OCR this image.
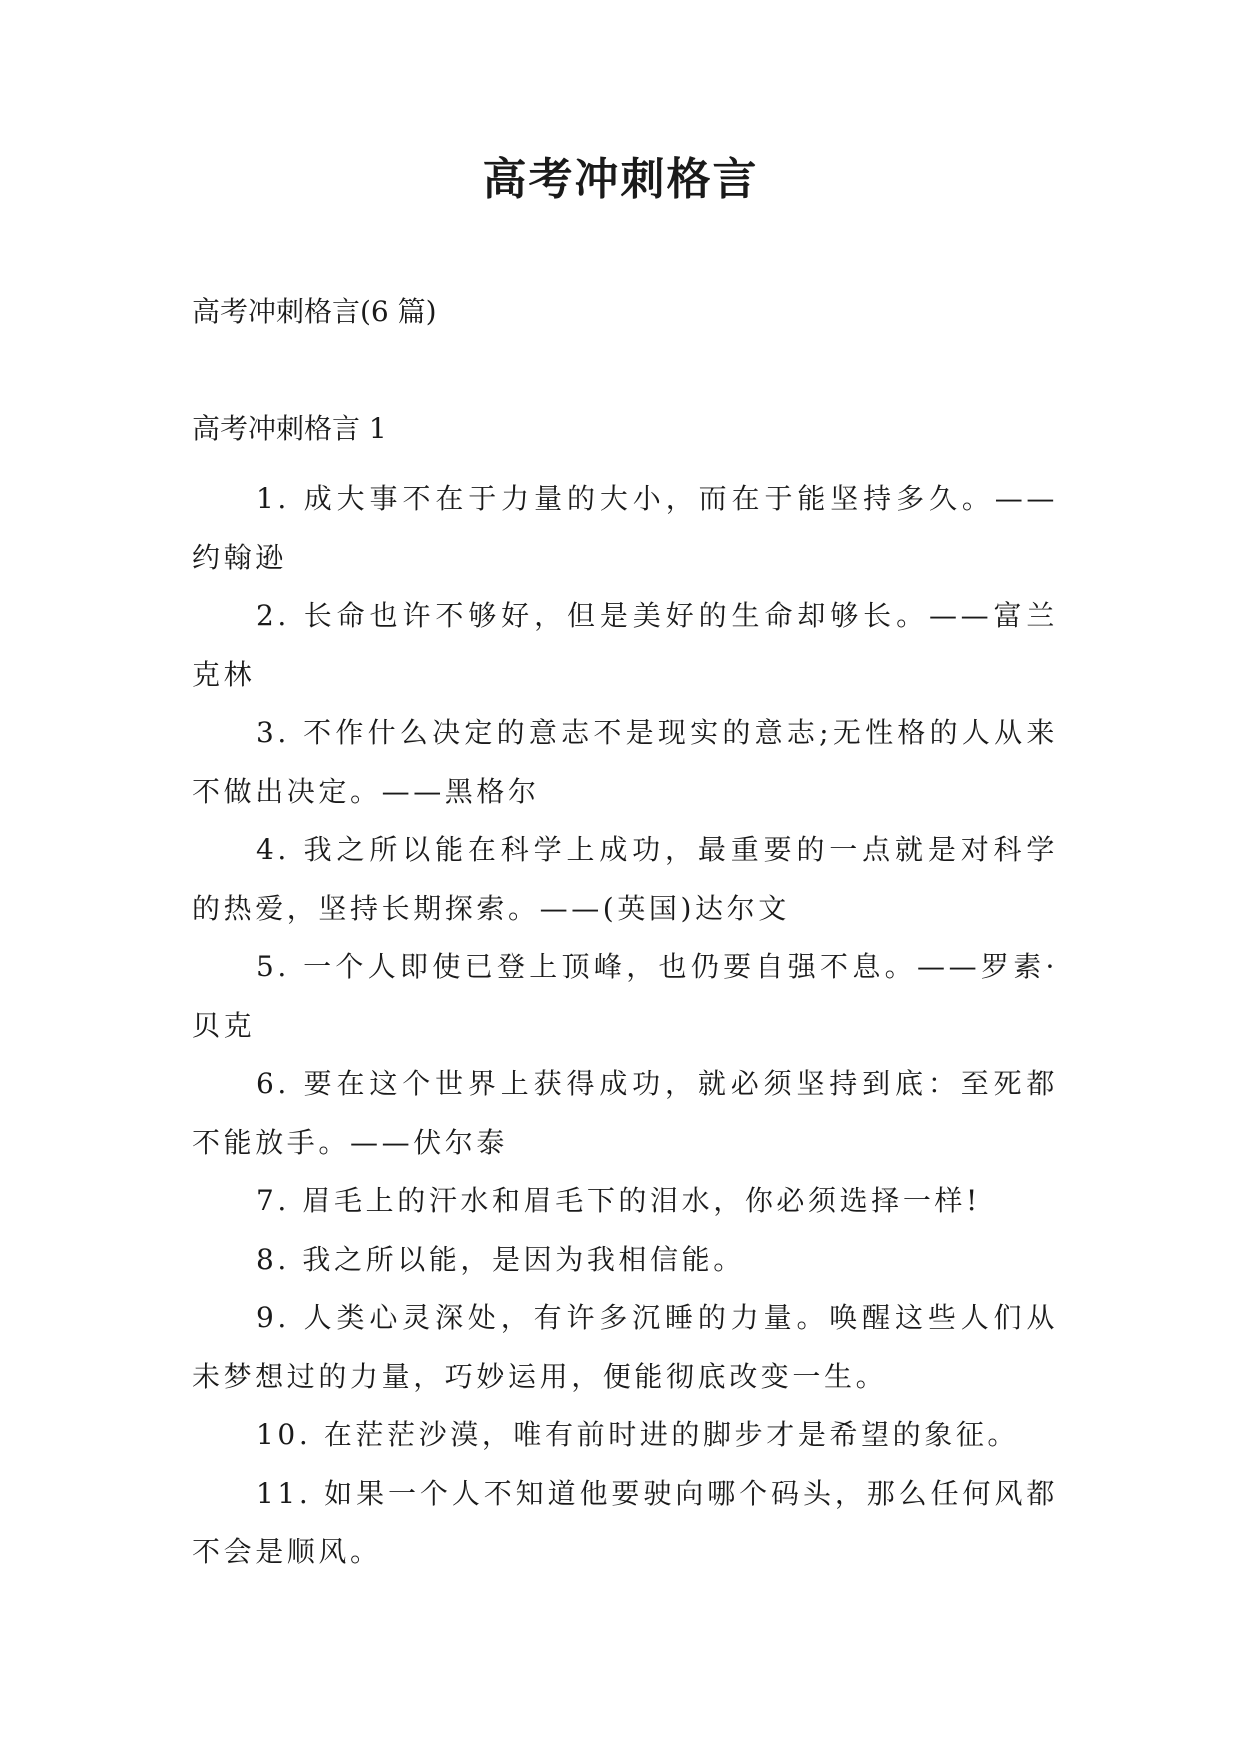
高考冲刺格言
高考冲刺格言(6 篇)
高考冲刺格言 1
1. 成大事不在于力量的大小，而在于能坚持多久。——约翰逊
2. 长命也许不够好，但是美好的生命却够长。——富兰克林
3. 不作什么决定的意志不是现实的意志;无性格的人从来不做出决定。——黑格尔
4. 我之所以能在科学上成功，最重要的一点就是对科学的热爱，坚持长期探索。——(英国)达尔文
5. 一个人即使已登上顶峰，也仍要自强不息。——罗素·贝克
6. 要在这个世界上获得成功，就必须坚持到底：至死都不能放手。——伏尔泰
7. 眉毛上的汗水和眉毛下的泪水，你必须选择一样!
8. 我之所以能，是因为我相信能。
9. 人类心灵深处，有许多沉睡的力量。唤醒这些人们从未梦想过的力量，巧妙运用，便能彻底改变一生。
10. 在茫茫沙漠，唯有前时进的脚步才是希望的象征。
11. 如果一个人不知道他要驶向哪个码头，那么任何风都不会是顺风。
